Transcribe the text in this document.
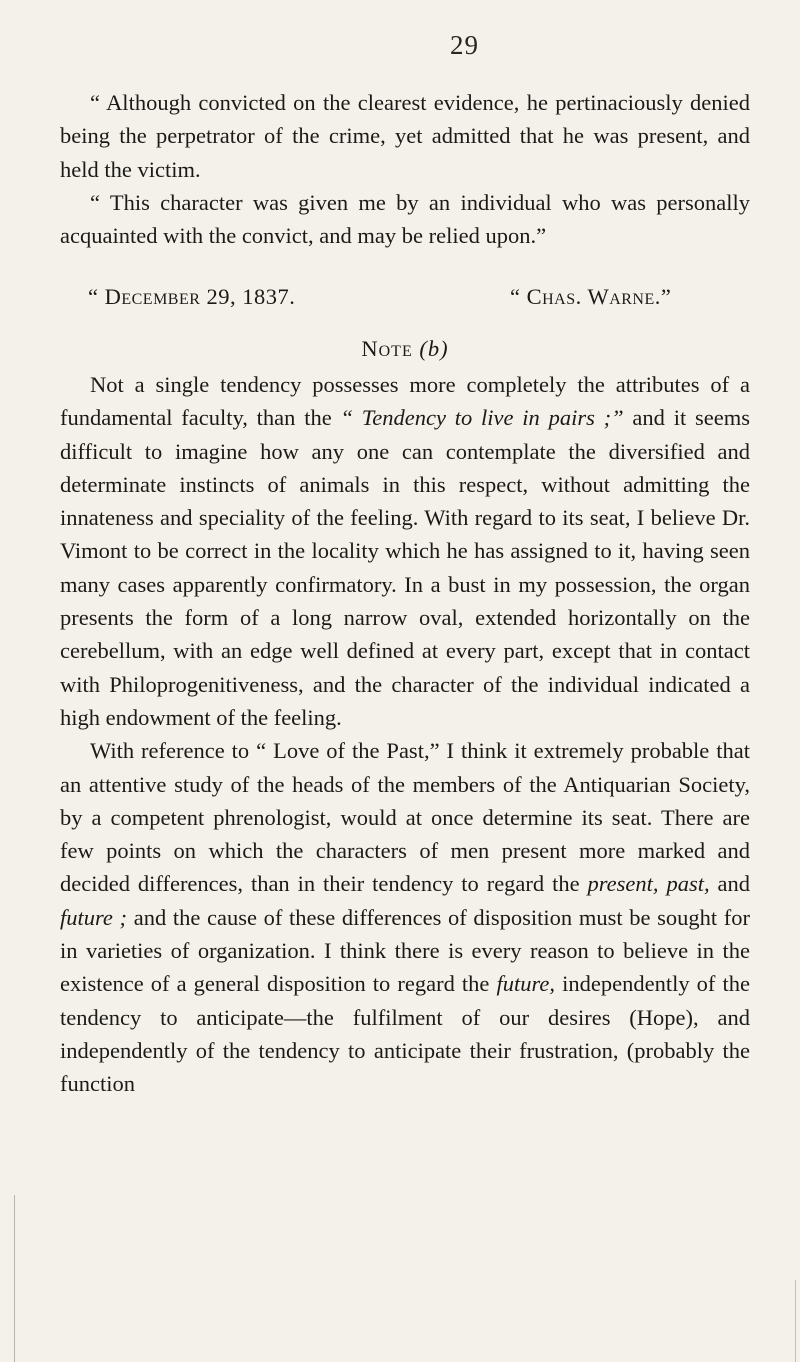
29

“ Although convicted on the clearest evidence, he pertinaciously denied being the perpetrator of the crime, yet admitted that he was present, and held the victim.

“ This character was given me by an individual who was personally acquainted with the convict, and may be relied upon.”

“ December 29, 1837.	“ Chas. Warne.”
Note (b)

Not a single tendency possesses more completely the attributes of a fundamental faculty, than the “ Tendency to live in pairs ;” and it seems difficult to imagine how any one can contemplate the diversified and determinate instincts of animals in this respect, without admitting the innateness and speciality of the feeling. With regard to its seat, I believe Dr. Vimont to be correct in the locality which he has assigned to it, having seen many cases apparently confirmatory. In a bust in my possession, the organ presents the form of a long narrow oval, extended horizontally on the cerebellum, with an edge well defined at every part, except that in contact with Philoprogenitiveness, and the character of the individual indicated a high endowment of the feeling.

With reference to “ Love of the Past,” I think it extremely probable that an attentive study of the heads of the members of the Antiquarian Society, by a competent phrenologist, would at once determine its seat. There are few points on which the characters of men present more marked and decided differences, than in their tendency to regard the present, past, and future ; and the cause of these differences of disposition must be sought for in varieties of organization. I think there is every reason to believe in the existence of a general disposition to regard the future, independently of the tendency to anticipate—the fulfilment of our desires (Hope), and independently of the tendency to anticipate their frustration, (probably the function
